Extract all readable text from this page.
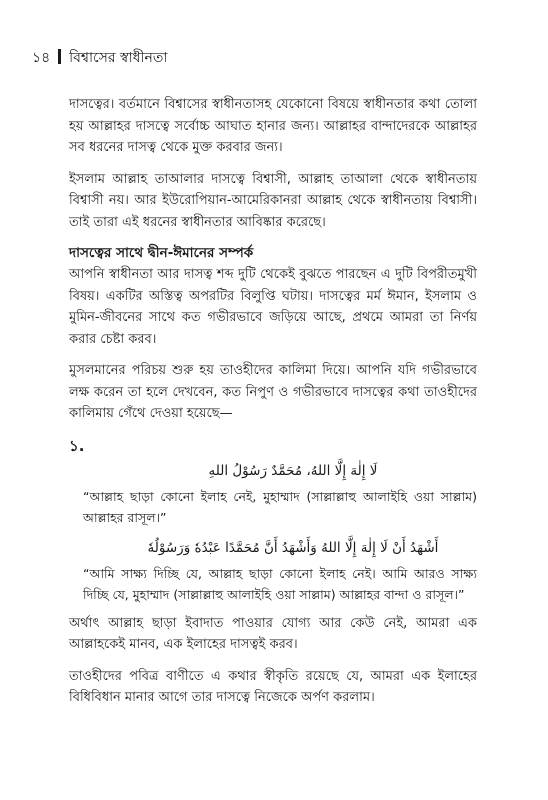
১৪ বিশ্বাসের স্বাধীনতা

দাসত্বের। বর্তমানে বিশ্বাসের স্বাধীনতাসহ যেকোনো বিষয়ে স্বাধীনতার কথা তোলা হয় আল্লাহর দাসত্বে সর্বোচ্চ আঘাত হানার জন্য। আল্লাহর বান্দাদেরকে আল্লাহর সব ধরনের দাসত্ব থেকে মুক্ত করবার জন্য।

ইসলাম আল্লাহ তাআলার দাসত্বে বিশ্বাসী, আল্লাহ তাআলা থেকে স্বাধীনতায় বিশ্বাসী নয়। আর ইউরোপিয়ান-আমেরিকানরা আল্লাহ থেকে স্বাধীনতায় বিশ্বাসী। তাই তারা এই ধরনের স্বাধীনতার আবিষ্কার করেছে।

দাসত্বের সাথে দ্বীন-ঈমানের সম্পর্ক

আপনি স্বাধীনতা আর দাসত্ব শব্দ দুটি থেকেই বুঝতে পারছেন এ দুটি বিপরীতমুখী বিষয়। একটির অস্তিত্ব অপরটির বিলুপ্তি ঘটায়। দাসত্বের মর্ম ঈমান, ইসলাম ও মুমিন-জীবনের সাথে কত গভীরভাবে জড়িয়ে আছে, প্রথমে আমরা তা নির্ণয় করার চেষ্টা করব।

মুসলমানের পরিচয় শুরু হয় তাওহীদের কালিমা দিয়ে। আপনি যদি গভীরভাবে লক্ষ করেন তা হলে দেখবেন, কত নিপুণ ও গভীরভাবে দাসত্বের কথা তাওহীদের কালিমায় গেঁথে দেওয়া হয়েছে—

১.
لَا إِلٰهَ إِلَّا اللهُ، مُحَمَّدٌ رَسُوْلُ اللهِ

“আল্লাহ ছাড়া কোনো ইলাহ নেই, মুহাম্মাদ (সাল্লাল্লাহু আলাইহি ওয়া সাল্লাম) আল্লাহর রাসূল।”

أَشْهَدُ أَنْ لَا إِلٰهَ إِلَّا اللهُ وَأَشْهَدُ أَنَّ مُحَمَّدًا عَبْدُهٗ وَرَسُوْلُهٗ

“আমি সাক্ষ্য দিচ্ছি যে, আল্লাহ ছাড়া কোনো ইলাহ নেই। আমি আরও সাক্ষ্য দিচ্ছি যে, মুহাম্মাদ (সাল্লাল্লাহু আলাইহি ওয়া সাল্লাম) আল্লাহর বান্দা ও রাসূল।”

অর্থাৎ আল্লাহ ছাড়া ইবাদাত পাওয়ার যোগ্য আর কেউ নেই, আমরা এক আল্লাহকেই মানব, এক ইলাহের দাসত্বই করব।

তাওহীদের পবিত্র বাণীতে এ কথার স্বীকৃতি রয়েছে যে, আমরা এক ইলাহের বিধিবিধান মানার আগে তার দাসত্বে নিজেকে অর্পণ করলাম।
